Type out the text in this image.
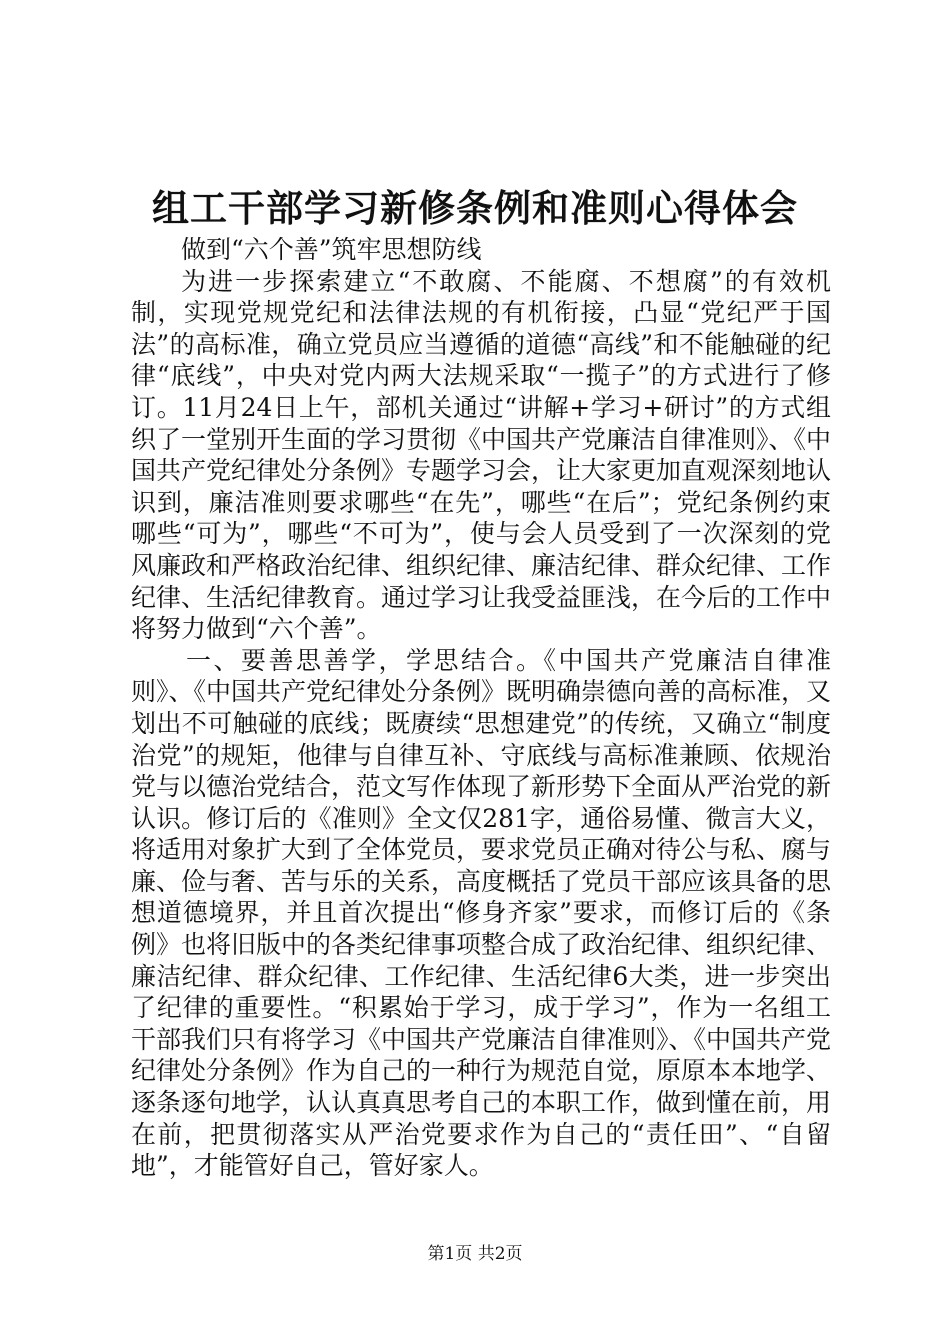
组工干部学习新修条例和准则心得体会

做到“六个善”筑牢思想防线

为进一步探索建立“不敢腐、不能腐、不想腐”的有效机制，实现党规党纪和法律法规的有机衔接，凸显“党纪严于国法”的高标准，确立党员应当遵循的道德“高线”和不能触碰的纪律“底线”，中央对党内两大法规采取“一揽子”的方式进行了修订。11月24日上午，部机关通过“讲解+学习+研讨”的方式组织了一堂别开生面的学习贯彻《中国共产党廉洁自律准则》、《中国共产党纪律处分条例》专题学习会，让大家更加直观深刻地认识到，廉洁准则要求哪些“在先”，哪些“在后”；党纪条例约束哪些“可为”，哪些“不可为”，使与会人员受到了一次深刻的党风廉政和严格政治纪律、组织纪律、廉洁纪律、群众纪律、工作纪律、生活纪律教育。通过学习让我受益匪浅，在今后的工作中将努力做到“六个善”。

一、要善思善学，学思结合。《中国共产党廉洁自律准则》、《中国共产党纪律处分条例》既明确崇德向善的高标准，又划出不可触碰的底线；既赓续“思想建党”的传统，又确立“制度治党”的规矩，他律与自律互补、守底线与高标准兼顾、依规治党与以德治党结合，范文写作体现了新形势下全面从严治党的新认识。修订后的《准则》全文仅281字，通俗易懂、微言大义，将适用对象扩大到了全体党员，要求党员正确对待公与私、腐与廉、俭与奢、苦与乐的关系，高度概括了党员干部应该具备的思想道德境界，并且首次提出“修身齐家”要求，而修订后的《条例》也将旧版中的各类纪律事项整合成了政治纪律、组织纪律、廉洁纪律、群众纪律、工作纪律、生活纪律6大类，进一步突出了纪律的重要性。“积累始于学习，成于学习”，作为一名组工干部我们只有将学习《中国共产党廉洁自律准则》、《中国共产党纪律处分条例》作为自己的一种行为规范自觉，原原本本地学、逐条逐句地学，认认真真思考自己的本职工作，做到懂在前，用在前，把贯彻落实从严治党要求作为自己的“责任田”、“自留地”，才能管好自己，管好家人。

第1页 共2页
